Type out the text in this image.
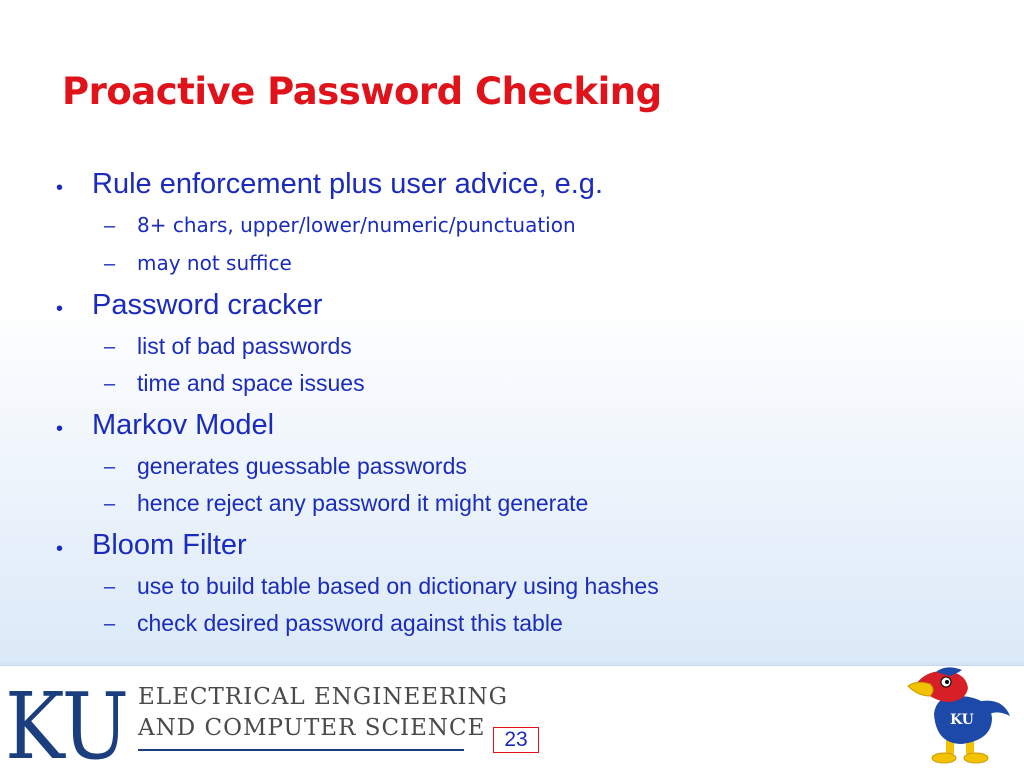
Proactive Password Checking
• Rule enforcement plus user advice, e.g.
– 8+ chars, upper/lower/numeric/punctuation
– may not suffice
• Password cracker
– list of bad passwords
– time and space issues
• Markov Model
– generates guessable passwords
– hence reject any password it might generate
• Bloom Filter
– use to build table based on dictionary using hashes
– check desired password against this table
KU ELECTRICAL ENGINEERING
AND COMPUTER SCIENCE 23
KU
